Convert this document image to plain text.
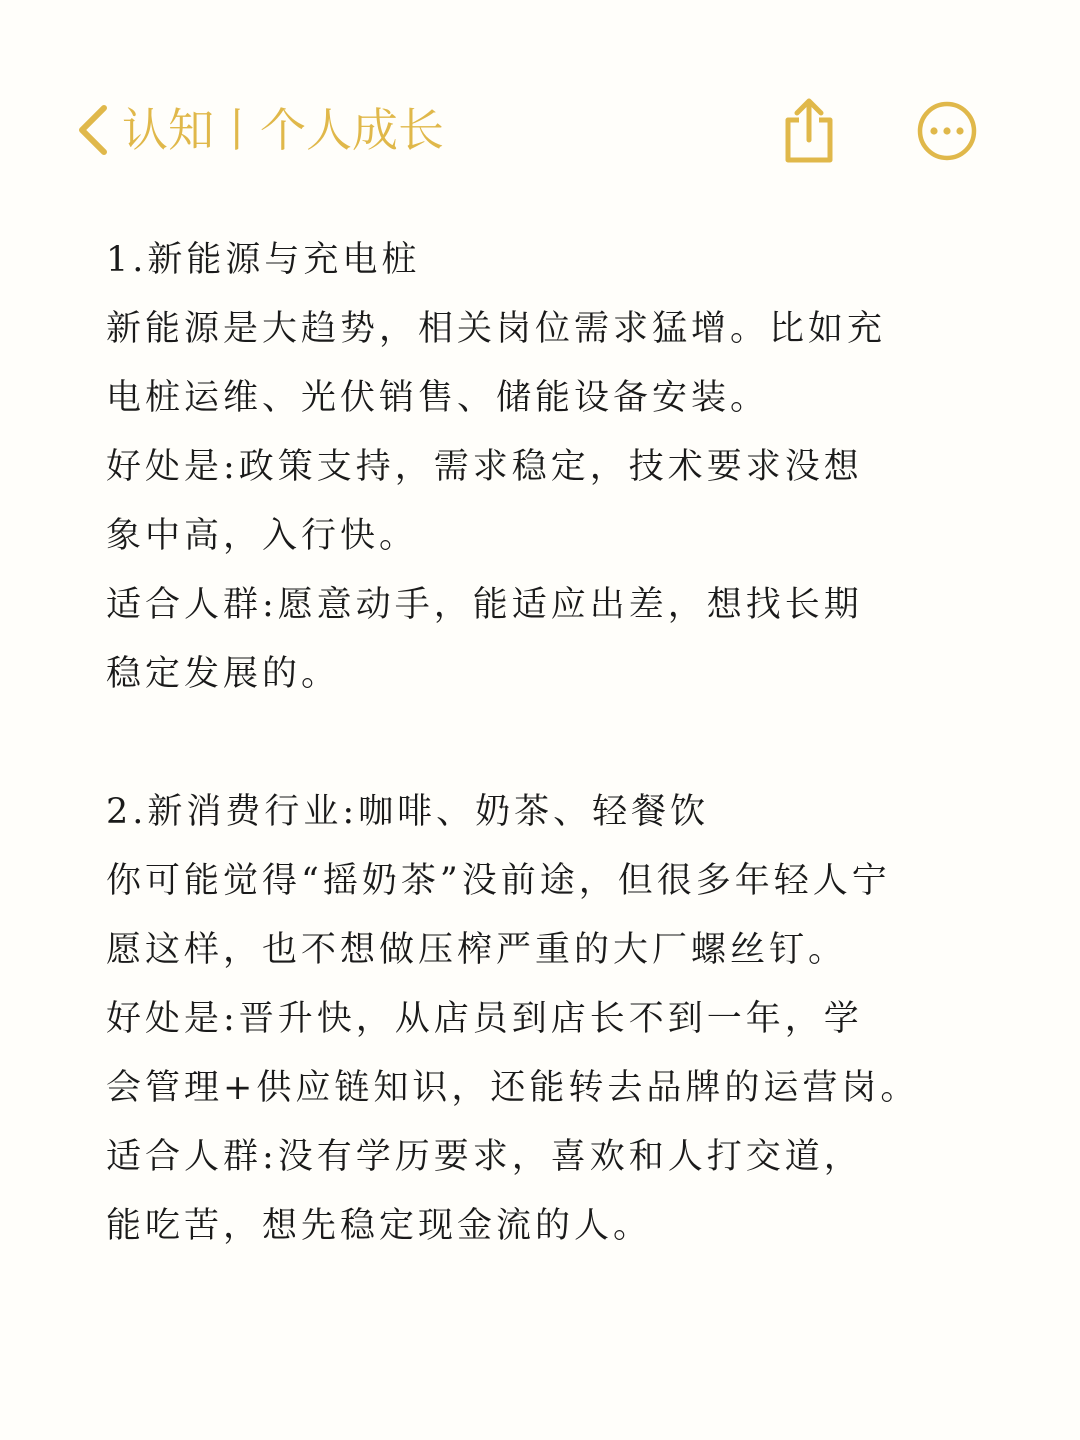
认知丨个人成长

1.新能源与充电桩

新能源是大趋势，相关岗位需求猛增。比如充

电桩运维、光伏销售、储能设备安装。

好处是:政策支持，需求稳定，技术要求没想

象中高，入行快。

适合人群:愿意动手，能适应出差，想找长期

稳定发展的。

2.新消费行业:咖啡、奶茶、轻餐饮

你可能觉得“摇奶茶”没前途，但很多年轻人宁

愿这样，也不想做压榨严重的大厂螺丝钉。

好处是:晋升快，从店员到店长不到一年，学

会管理+供应链知识，还能转去品牌的运营岗。

适合人群:没有学历要求，喜欢和人打交道，

能吃苦，想先稳定现金流的人。
